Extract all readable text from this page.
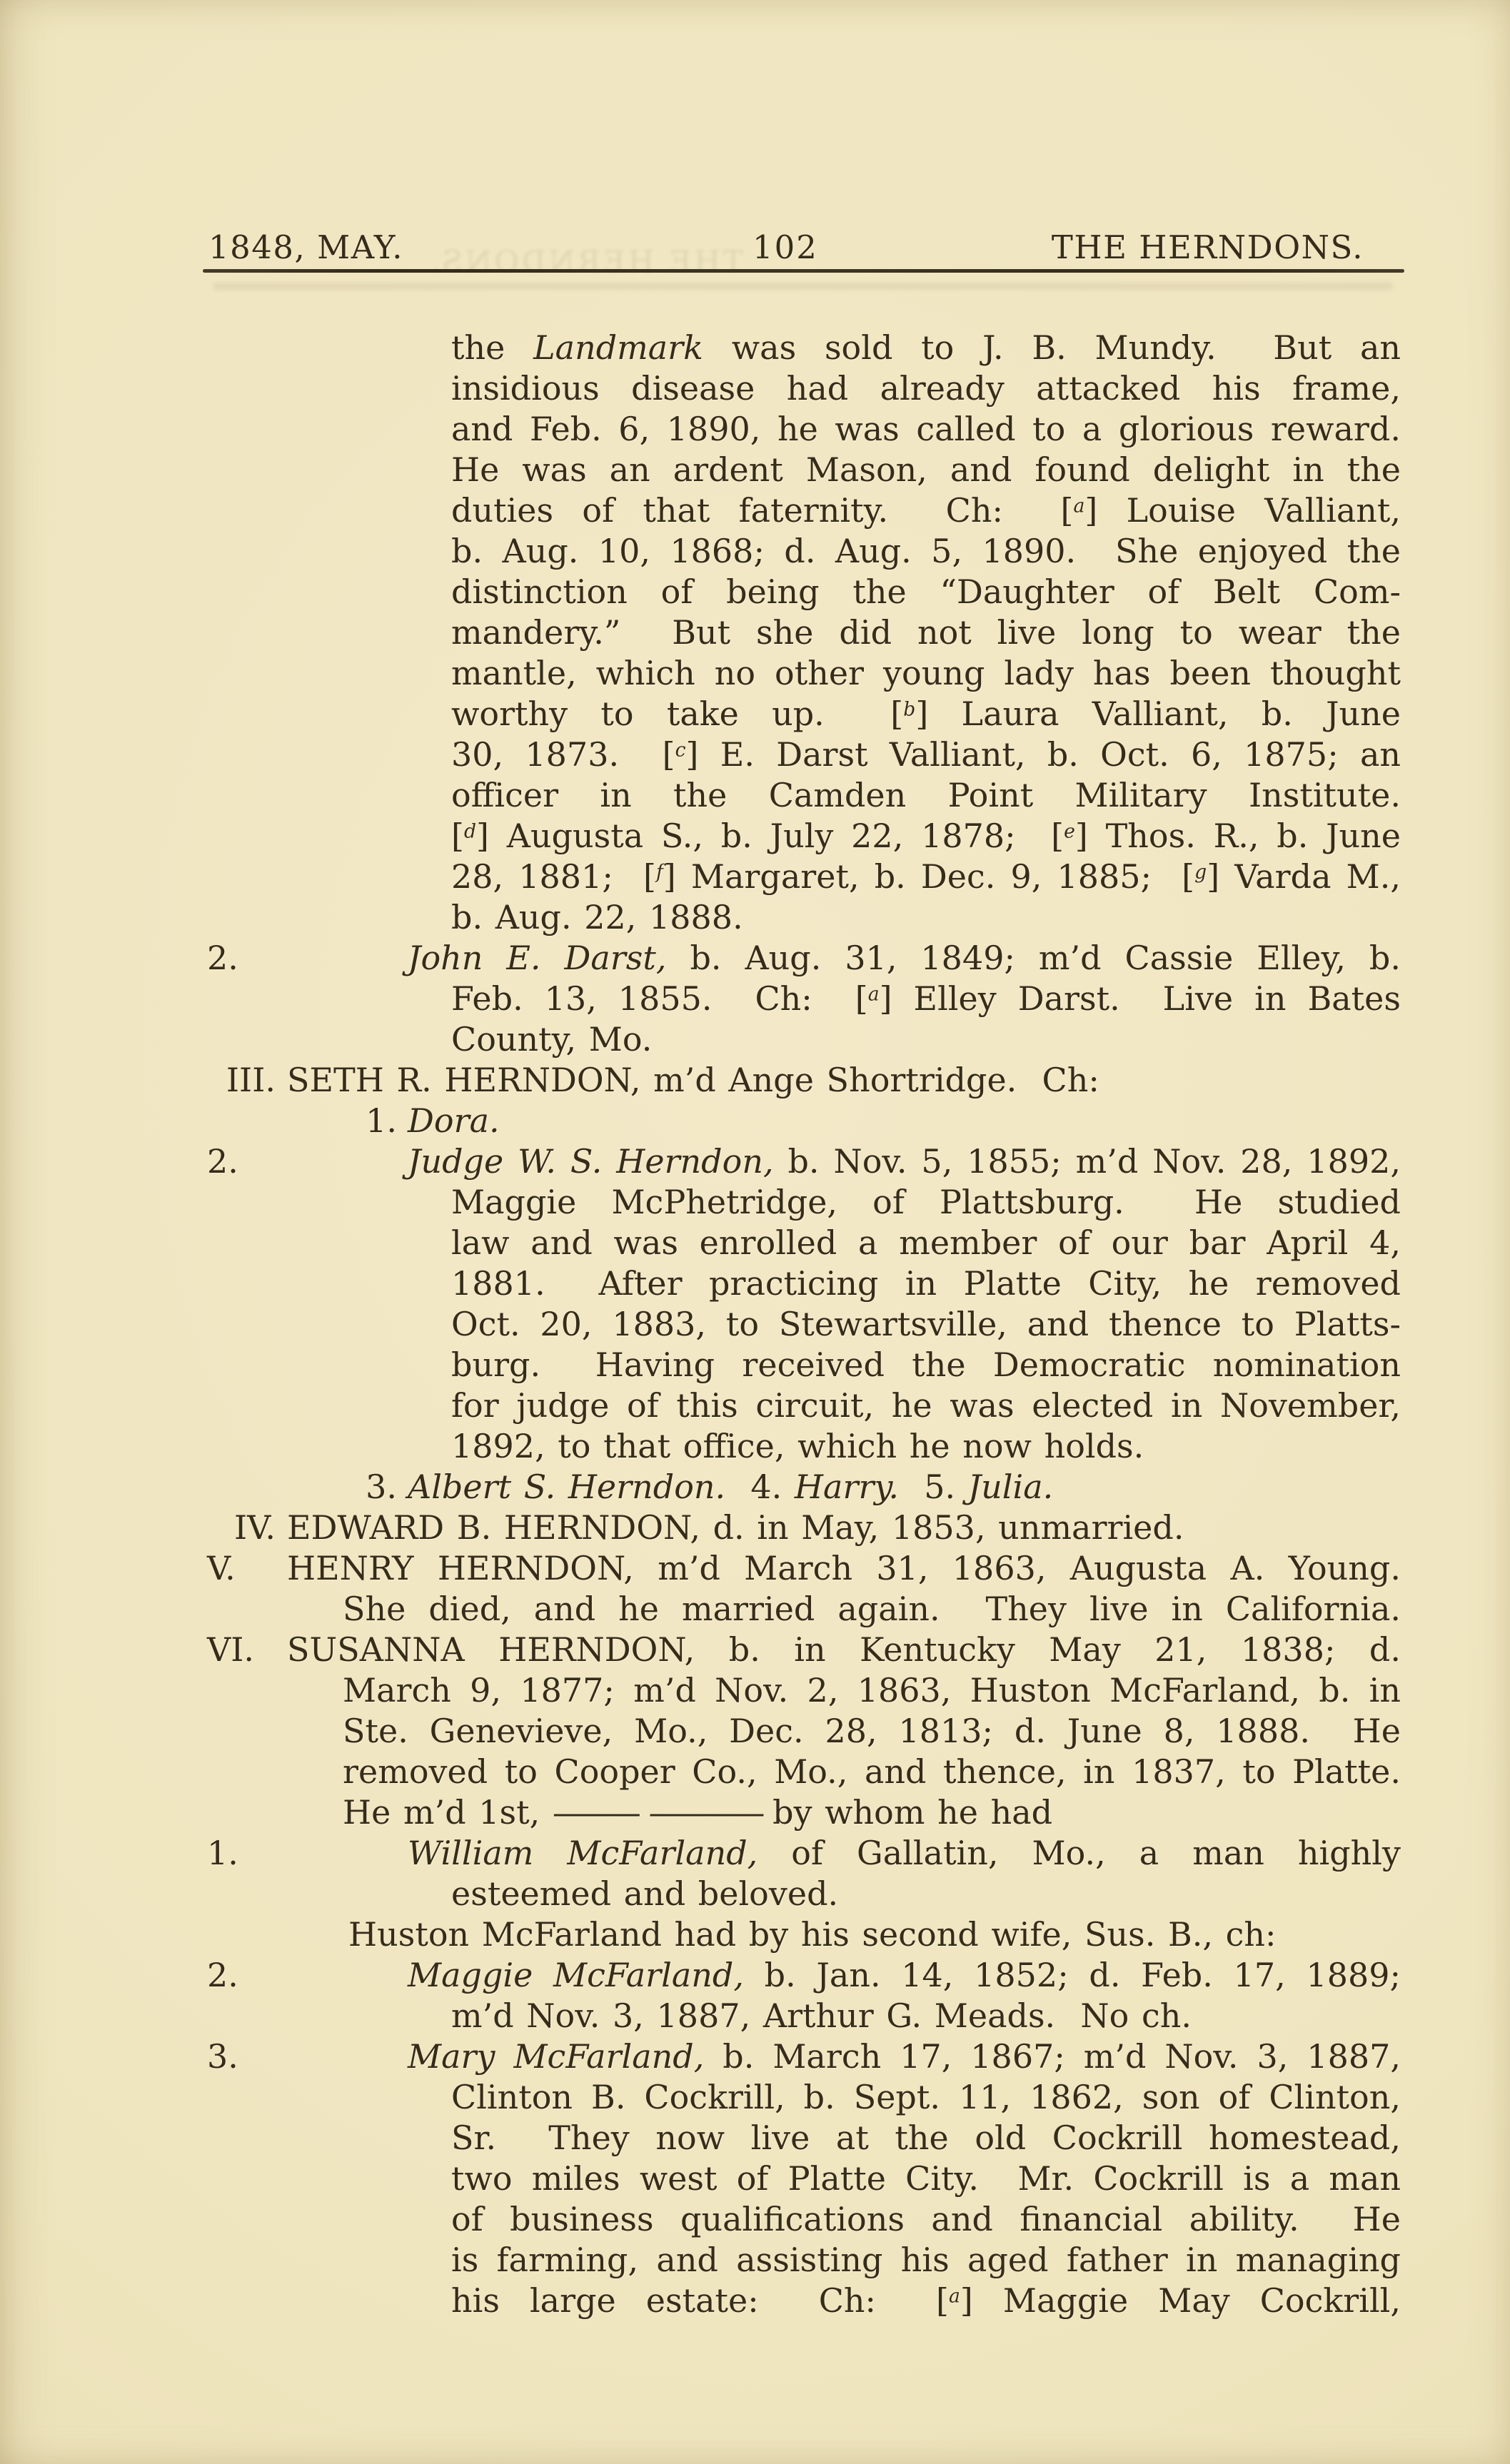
THE HERNDONS.
1848, MAY.	102	THE HERNDONS.
the Landmark was sold to J. B. Mundy.  But an
insidious disease had already attacked his frame,
and Feb. 6, 1890, he was called to a glorious reward.
He was an ardent Mason, and found delight in the
duties of that faternity.  Ch:  [$^a$] Louise Valliant,
b. Aug. 10, 1868; d. Aug. 5, 1890.  She enjoyed the
distinction of being the “Daughter of Belt Com-
mandery.”  But she did not live long to wear the
mantle, which no other young lady has been thought
worthy to take up.  [$^b$] Laura Valliant, b. June
30, 1873.  [$^c$] E. Darst Valliant, b. Oct. 6, 1875; an
officer in the Camden Point Military Institute.
[$^d$] Augusta S., b. July 22, 1878;  [$^e$] Thos. R., b. June
28, 1881;  [$^f$] Margaret, b. Dec. 9, 1885;  [$^g$] Varda M.,
b. Aug. 22, 1888.
2.	John E. Darst, b. Aug. 31, 1849; m’d Cassie Elley, b.
Feb. 13, 1855.  Ch:  [$^a$] Elley Darst.  Live in Bates
County, Mo.
III. SETH R. HERNDON, m’d Ange Shortridge.  Ch:
1. Dora.
2.	Judge W. S. Herndon, b. Nov. 5, 1855; m’d Nov. 28, 1892,
Maggie McPhetridge, of Plattsburg.  He studied
law and was enrolled a member of our bar April 4,
1881.  After practicing in Platte City, he removed
Oct. 20, 1883, to Stewartsville, and thence to Platts-
burg.  Having received the Democratic nomination
for judge of this circuit, he was elected in November,
1892, to that office, which he now holds.
3. Albert S. Herndon.  4. Harry.  5. Julia.
IV. EDWARD B. HERNDON, d. in May, 1853, unmarried.
V. HENRY HERNDON, m’d March 31, 1863, Augusta A. Young.
She died, and he married again.  They live in California.
VI. SUSANNA HERNDON, b. in Kentucky May 21, 1838; d.
March 9, 1877; m’d Nov. 2, 1863, Huston McFarland, b. in
Ste. Genevieve, Mo., Dec. 28, 1813; d. June 8, 1888.  He
removed to Cooper Co., Mo., and thence, in 1837, to Platte.
He m’d 1st, ——— ———— by whom he had
1.	William McFarland, of Gallatin, Mo., a man highly
esteemed and beloved.
Huston McFarland had by his second wife, Sus. B., ch:
2.	Maggie McFarland, b. Jan. 14, 1852; d. Feb. 17, 1889;
m’d Nov. 3, 1887, Arthur G. Meads.  No ch.
3.	Mary McFarland, b. March 17, 1867; m’d Nov. 3, 1887,
Clinton B. Cockrill, b. Sept. 11, 1862, son of Clinton,
Sr.  They now live at the old Cockrill homestead,
two miles west of Platte City.  Mr. Cockrill is a man
of business qualifications and financial ability.  He
is farming, and assisting his aged father in managing
his large estate:  Ch:  [$^a$] Maggie May Cockrill,
